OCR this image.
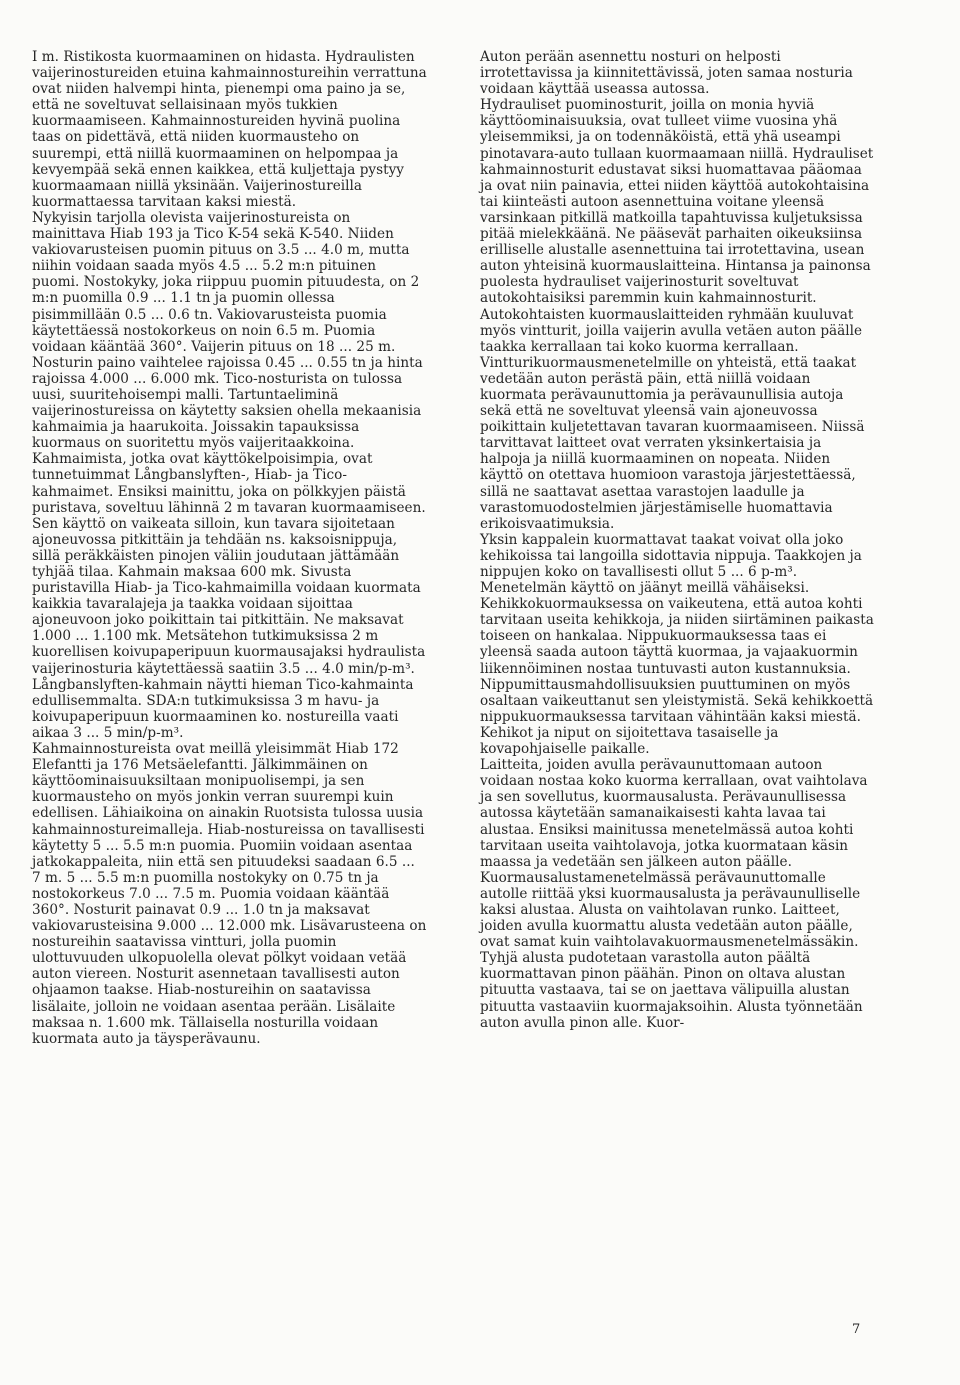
I m. Ristikosta kuormaaminen on hidasta. Hydraulisten vaijerinostureiden etuina kahmainnostureihin verrattuna ovat niiden halvempi hinta, pienempi oma paino ja se, että ne soveltuvat sellaisinaan myös tukkien kuormaamiseen. Kahmainnostureiden hyvinä puolina taas on pidettävä, että niiden kuormausteho on suurempi, että niillä kuormaaminen on helpompaa ja kevyempää sekä ennen kaikkea, että kuljettaja pystyy kuormaamaan niillä yksinään. Vaijerinostureilla kuormattaessa tarvitaan kaksi miestä.

Nykyisin tarjolla olevista vaijerinostureista on mainittava Hiab 193 ja Tico K-54 sekä K-540. Niiden vakiovarusteisen puomin pituus on 3.5 ... 4.0 m, mutta niihin voidaan saada myös 4.5 ... 5.2 m:n pituinen puomi. Nostokyky, joka riippuu puomin pituudesta, on 2 m:n puomilla 0.9 ... 1.1 tn ja puomin ollessa pisimmillään 0.5 ... 0.6 tn. Vakiovarusteista puomia käytettäessä nostokorkeus on noin 6.5 m. Puomia voidaan kääntää 360°. Vaijerin pituus on 18 ... 25 m. Nosturin paino vaihtelee rajoissa 0.45 ... 0.55 tn ja hinta rajoissa 4.000 ... 6.000 mk. Tico-nosturista on tulossa uusi, suuritehoisempi malli. Tartuntaeliminä vaijerinostureissa on käytetty saksien ohella mekaanisia kahmaimia ja haarukoita. Joissakin tapauksissa kuormaus on suoritettu myös vaijeritaakkoina. Kahmaimista, jotka ovat käyttökelpoisimpia, ovat tunnetuimmat Långbanslyften-, Hiab- ja Tico-kahmaimet. Ensiksi mainittu, joka on pölkkyjen päistä puristava, soveltuu lähinnä 2 m tavaran kuormaamiseen. Sen käyttö on vaikeata silloin, kun tavara sijoitetaan ajoneuvossa pitkittäin ja tehdään ns. kaksoisnippuja, sillä peräkkäisten pinojen väliin joudutaan jättämään tyhjää tilaa. Kahmain maksaa 600 mk. Sivusta puristavilla Hiab- ja Tico-kahmaimilla voidaan kuormata kaikkia tavaralajeja ja taakka voidaan sijoittaa ajoneuvoon joko poikittain tai pitkittäin. Ne maksavat 1.000 ... 1.100 mk. Metsätehon tutkimuksissa 2 m kuorellisen koivupaperipuun kuormausajaksi hydraulista vaijerinosturia käytettäessä saatiin 3.5 ... 4.0 min/p-m³. Långbanslyften-kahmain näytti hieman Tico-kahmainta edullisemmalta. SDA:n tutkimuksissa 3 m havu- ja koivupaperipuun kuormaaminen ko. nostureilla vaati aikaa 3 ... 5 min/p-m³.

Kahmainnostureista ovat meillä yleisimmät Hiab 172 Elefantti ja 176 Metsäelefantti. Jälkimmäinen on käyttöominaisuuksiltaan monipuolisempi, ja sen kuormausteho on myös jonkin verran suurempi kuin edellisen. Lähiaikoina on ainakin Ruotsista tulossa uusia kahmainnostureimalleja. Hiab-nostureissa on tavallisesti käytetty 5 ... 5.5 m:n puomia. Puomiin voidaan asentaa jatkokappaleita, niin että sen pituudeksi saadaan 6.5 ... 7 m. 5 ... 5.5 m:n puomilla nostokyky on 0.75 tn ja nostokorkeus 7.0 ... 7.5 m. Puomia voidaan kääntää 360°. Nosturit painavat 0.9 ... 1.0 tn ja maksavat vakiovarusteisina 9.000 ... 12.000 mk. Lisävarusteena on nostureihin saatavissa vintturi, jolla puomin ulottuvuuden ulkopuolella olevat pölkyt voidaan vetää auton viereen. Nosturit asennetaan tavallisesti auton ohjaamon taakse. Hiab-nostureihin on saatavissa lisälaite, jolloin ne voidaan asentaa perään. Lisälaite maksaa n. 1.600 mk. Tällaisella nosturilla voidaan kuormata auto ja täysperävaunu.

Auton perään asennettu nosturi on helposti irrotettavissa ja kiinnitettävissä, joten samaa nosturia voidaan käyttää useassa autossa.

Hydrauliset puominosturit, joilla on monia hyviä käyttöominaisuuksia, ovat tulleet viime vuosina yhä yleisemmiksi, ja on todennäköistä, että yhä useampi pinotavara-auto tullaan kuormaamaan niillä. Hydrauliset kahmainnosturit edustavat siksi huomattavaa pääomaa ja ovat niin painavia, ettei niiden käyttöä autokohtaisina tai kiinteästi autoon asennettuina voitane yleensä varsinkaan pitkillä matkoilla tapahtuvissa kuljetuksissa pitää mielekkäänä. Ne pääsevät parhaiten oikeuksiinsa erilliselle alustalle asennettuina tai irrotettavina, usean auton yhteisinä kuormauslaitteina. Hintansa ja painonsa puolesta hydrauliset vaijerinosturit soveltuvat autokohtaisiksi paremmin kuin kahmainnosturit.

Autokohtaisten kuormauslaitteiden ryhmään kuuluvat myös vintturit, joilla vaijerin avulla vetäen auton päälle taakka kerrallaan tai koko kuorma kerrallaan. Vintturikuormausmenetelmille on yhteistä, että taakat vedetään auton perästä päin, että niillä voidaan kuormata perävaunuttomia ja perävaunullisia autoja sekä että ne soveltuvat yleensä vain ajoneuvossa poikittain kuljetettavan tavaran kuormaamiseen. Niissä tarvittavat laitteet ovat verraten yksinkertaisia ja halpoja ja niillä kuormaaminen on nopeata. Niiden käyttö on otettava huomioon varastoja järjestettäessä, sillä ne saattavat asettaa varastojen laadulle ja varastomuodostelmien järjestämiselle huomattavia erikoisvaatimuksia.

Yksin kappalein kuormattavat taakat voivat olla joko kehikoissa tai langoilla sidottavia nippuja. Taakkojen ja nippujen koko on tavallisesti ollut 5 ... 6 p-m³. Menetelmän käyttö on jäänyt meillä vähäiseksi. Kehikkokuormauksessa on vaikeutena, että autoa kohti tarvitaan useita kehikkoja, ja niiden siirtäminen paikasta toiseen on hankalaa. Nippukuormauksessa taas ei yleensä saada autoon täyttä kuormaa, ja vajaakuormin liikennöiminen nostaa tuntuvasti auton kustannuksia. Nippumittausmahdollisuuksien puuttuminen on myös osaltaan vaikeuttanut sen yleistymistä. Sekä kehikkoettä nippukuormauksessa tarvitaan vähintään kaksi miestä. Kehikot ja niput on sijoitettava tasaiselle ja kovapohjaiselle paikalle.

Laitteita, joiden avulla perävaunuttomaan autoon voidaan nostaa koko kuorma kerrallaan, ovat vaihtolava ja sen sovellutus, kuormausalusta. Perävaunullisessa autossa käytetään samanaikaisesti kahta lavaa tai alustaa. Ensiksi mainitussa menetelmässä autoa kohti tarvitaan useita vaihtolavoja, jotka kuormataan käsin maassa ja vedetään sen jälkeen auton päälle. Kuormausalustamenetelmässä perävaunuttomalle autolle riittää yksi kuormausalusta ja perävaunulliselle kaksi alustaa. Alusta on vaihtolavan runko. Laitteet, joiden avulla kuormattu alusta vedetään auton päälle, ovat samat kuin vaihtolavakuormausmenetelmässäkin. Tyhjä alusta pudotetaan varastolla auton päältä kuormattavan pinon päähän. Pinon on oltava alustan pituutta vastaava, tai se on jaettava välipuilla alustan pituutta vastaaviin kuormajaksoihin. Alusta työnnetään auton avulla pinon alle. Kuor-

7
